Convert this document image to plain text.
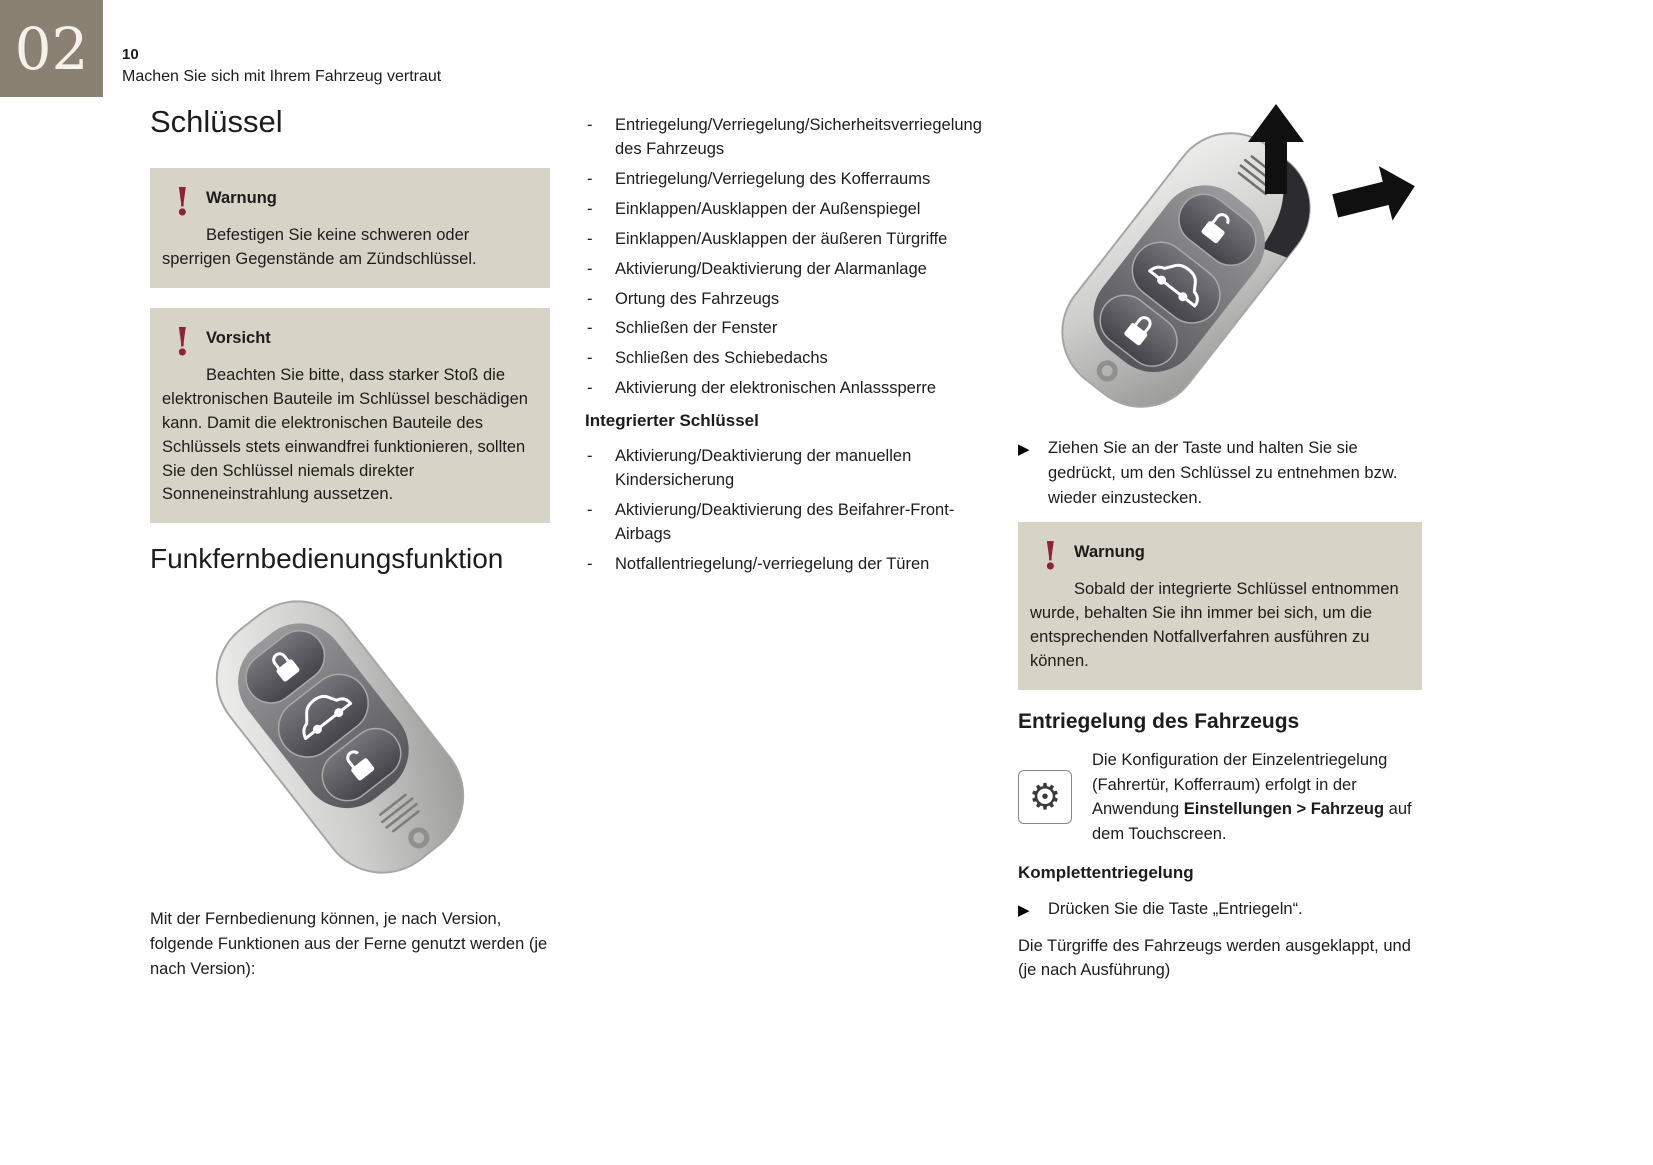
02 10
Machen Sie sich mit Ihrem Fahrzeug vertraut
Schlüssel
! Warnung

Befestigen Sie keine schweren oder sperrigen Gegenstände am Zündschlüssel.

! Vorsicht

Beachten Sie bitte, dass starker Stoß die elektronischen Bauteile im Schlüssel beschädigen kann. Damit die elektronischen Bauteile des Schlüssels stets einwandfrei funktionieren, sollten Sie den Schlüssel niemals direkter Sonneneinstrahlung aussetzen.

Funkfernbedienungsfunktion

Mit der Fernbedienung können, je nach Version, folgende Funktionen aus der Ferne genutzt werden (je nach Version):

- Entriegelung/Verriegelung/Sicherheitsverriegelung des Fahrzeugs
- Entriegelung/Verriegelung des Kofferraums
- Einklappen/Ausklappen der Außenspiegel
- Einklappen/Ausklappen der äußeren Türgriffe
- Aktivierung/Deaktivierung der Alarmanlage
- Ortung des Fahrzeugs
- Schließen der Fenster
- Schließen des Schiebedachs
- Aktivierung der elektronischen Anlasssperre
Integrierter Schlüssel
- Aktivierung/Deaktivierung der manuellen Kindersicherung
- Aktivierung/Deaktivierung des Beifahrer-Front-Airbags
- Notfallentriegelung/-verriegelung der Türen
▶ Ziehen Sie an der Taste und halten Sie sie gedrückt, um den Schlüssel zu entnehmen bzw. wieder einzustecken.
! Warnung

Sobald der integrierte Schlüssel entnommen wurde, behalten Sie ihn immer bei sich, um die entsprechenden Notfallverfahren ausführen zu können.

Entriegelung des Fahrzeugs
⚙

Die Konfiguration der Einzelentriegelung (Fahrertür, Kofferraum) erfolgt in der Anwendung Einstellungen > Fahrzeug auf dem Touchscreen.

Komplettentriegelung
▶ Drücken Sie die Taste „Entriegeln“.

Die Türgriffe des Fahrzeugs werden ausgeklappt, und (je nach Ausführung)
